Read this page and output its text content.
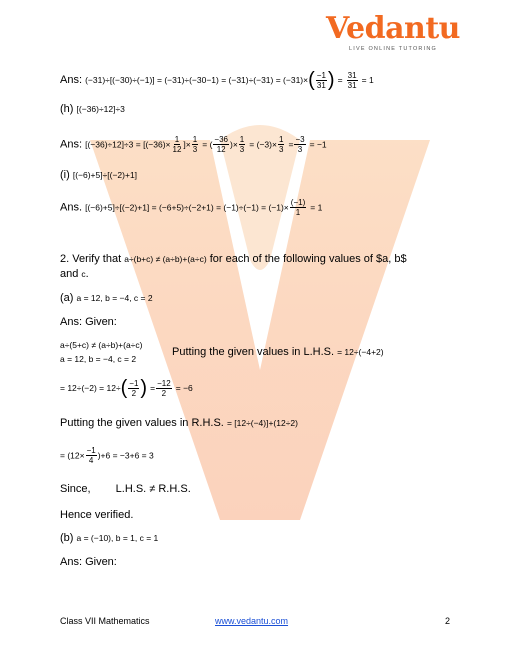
Vedantu
LIVE ONLINE TUTORING
Ans: $(-31)\div[(-30)\div(-1)] = (-31)\div(-30-1) = (-31)\div(-31) = (-31)\times( \frac{-1}{31}$ ) = $\frac{31}{31} = 1$
(h) [(−36)÷12]÷3
Ans: $[(-36)\div 12]\div 3 = [(-36)\times \frac{1}{12}$ ]× $\frac{1}{3}$ = ( $\frac{-36}{12}$ )× $\frac{1}{3} = (-3)\times \frac{1}{3} = \frac{-3}{3} = -1$
(i) [(−6)+5]÷[(−2)+1]
Ans. $[(-6)+5]\div[(-2)+1] = (-6+5)\div(-2+1) = (-1)\div(-1) = (-1)\times \frac{(-1)}{1} = 1$
2. Verify that a÷(b+c) ≠ (a÷b)+(a÷c) for each of the following values of $a, b$
and c.
(a) a = 12, b = −4, c = 2
Ans: Given:
a÷(5+c) ≠ (a÷b)+(a÷c)
Putting the given values in L.H.S. = 12÷(−4+2)
a = 12, b = −4, c = 2
= $12\div(-2) = 12\div( \frac{-1}{2}$ ) = $\frac{-12}{2} = -6$
Putting the given values in R.H.S. = [12÷(−4)]+(12÷2)
= $(12\times \frac{-1}{4} )+6 = -3+6 = 3$
Since, L.H.S. ≠ R.H.S.
Hence verified.
(b) a = (−10), b = 1, c = 1
Ans: Given:
Class VII Mathematics	www.vedantu.com	2
